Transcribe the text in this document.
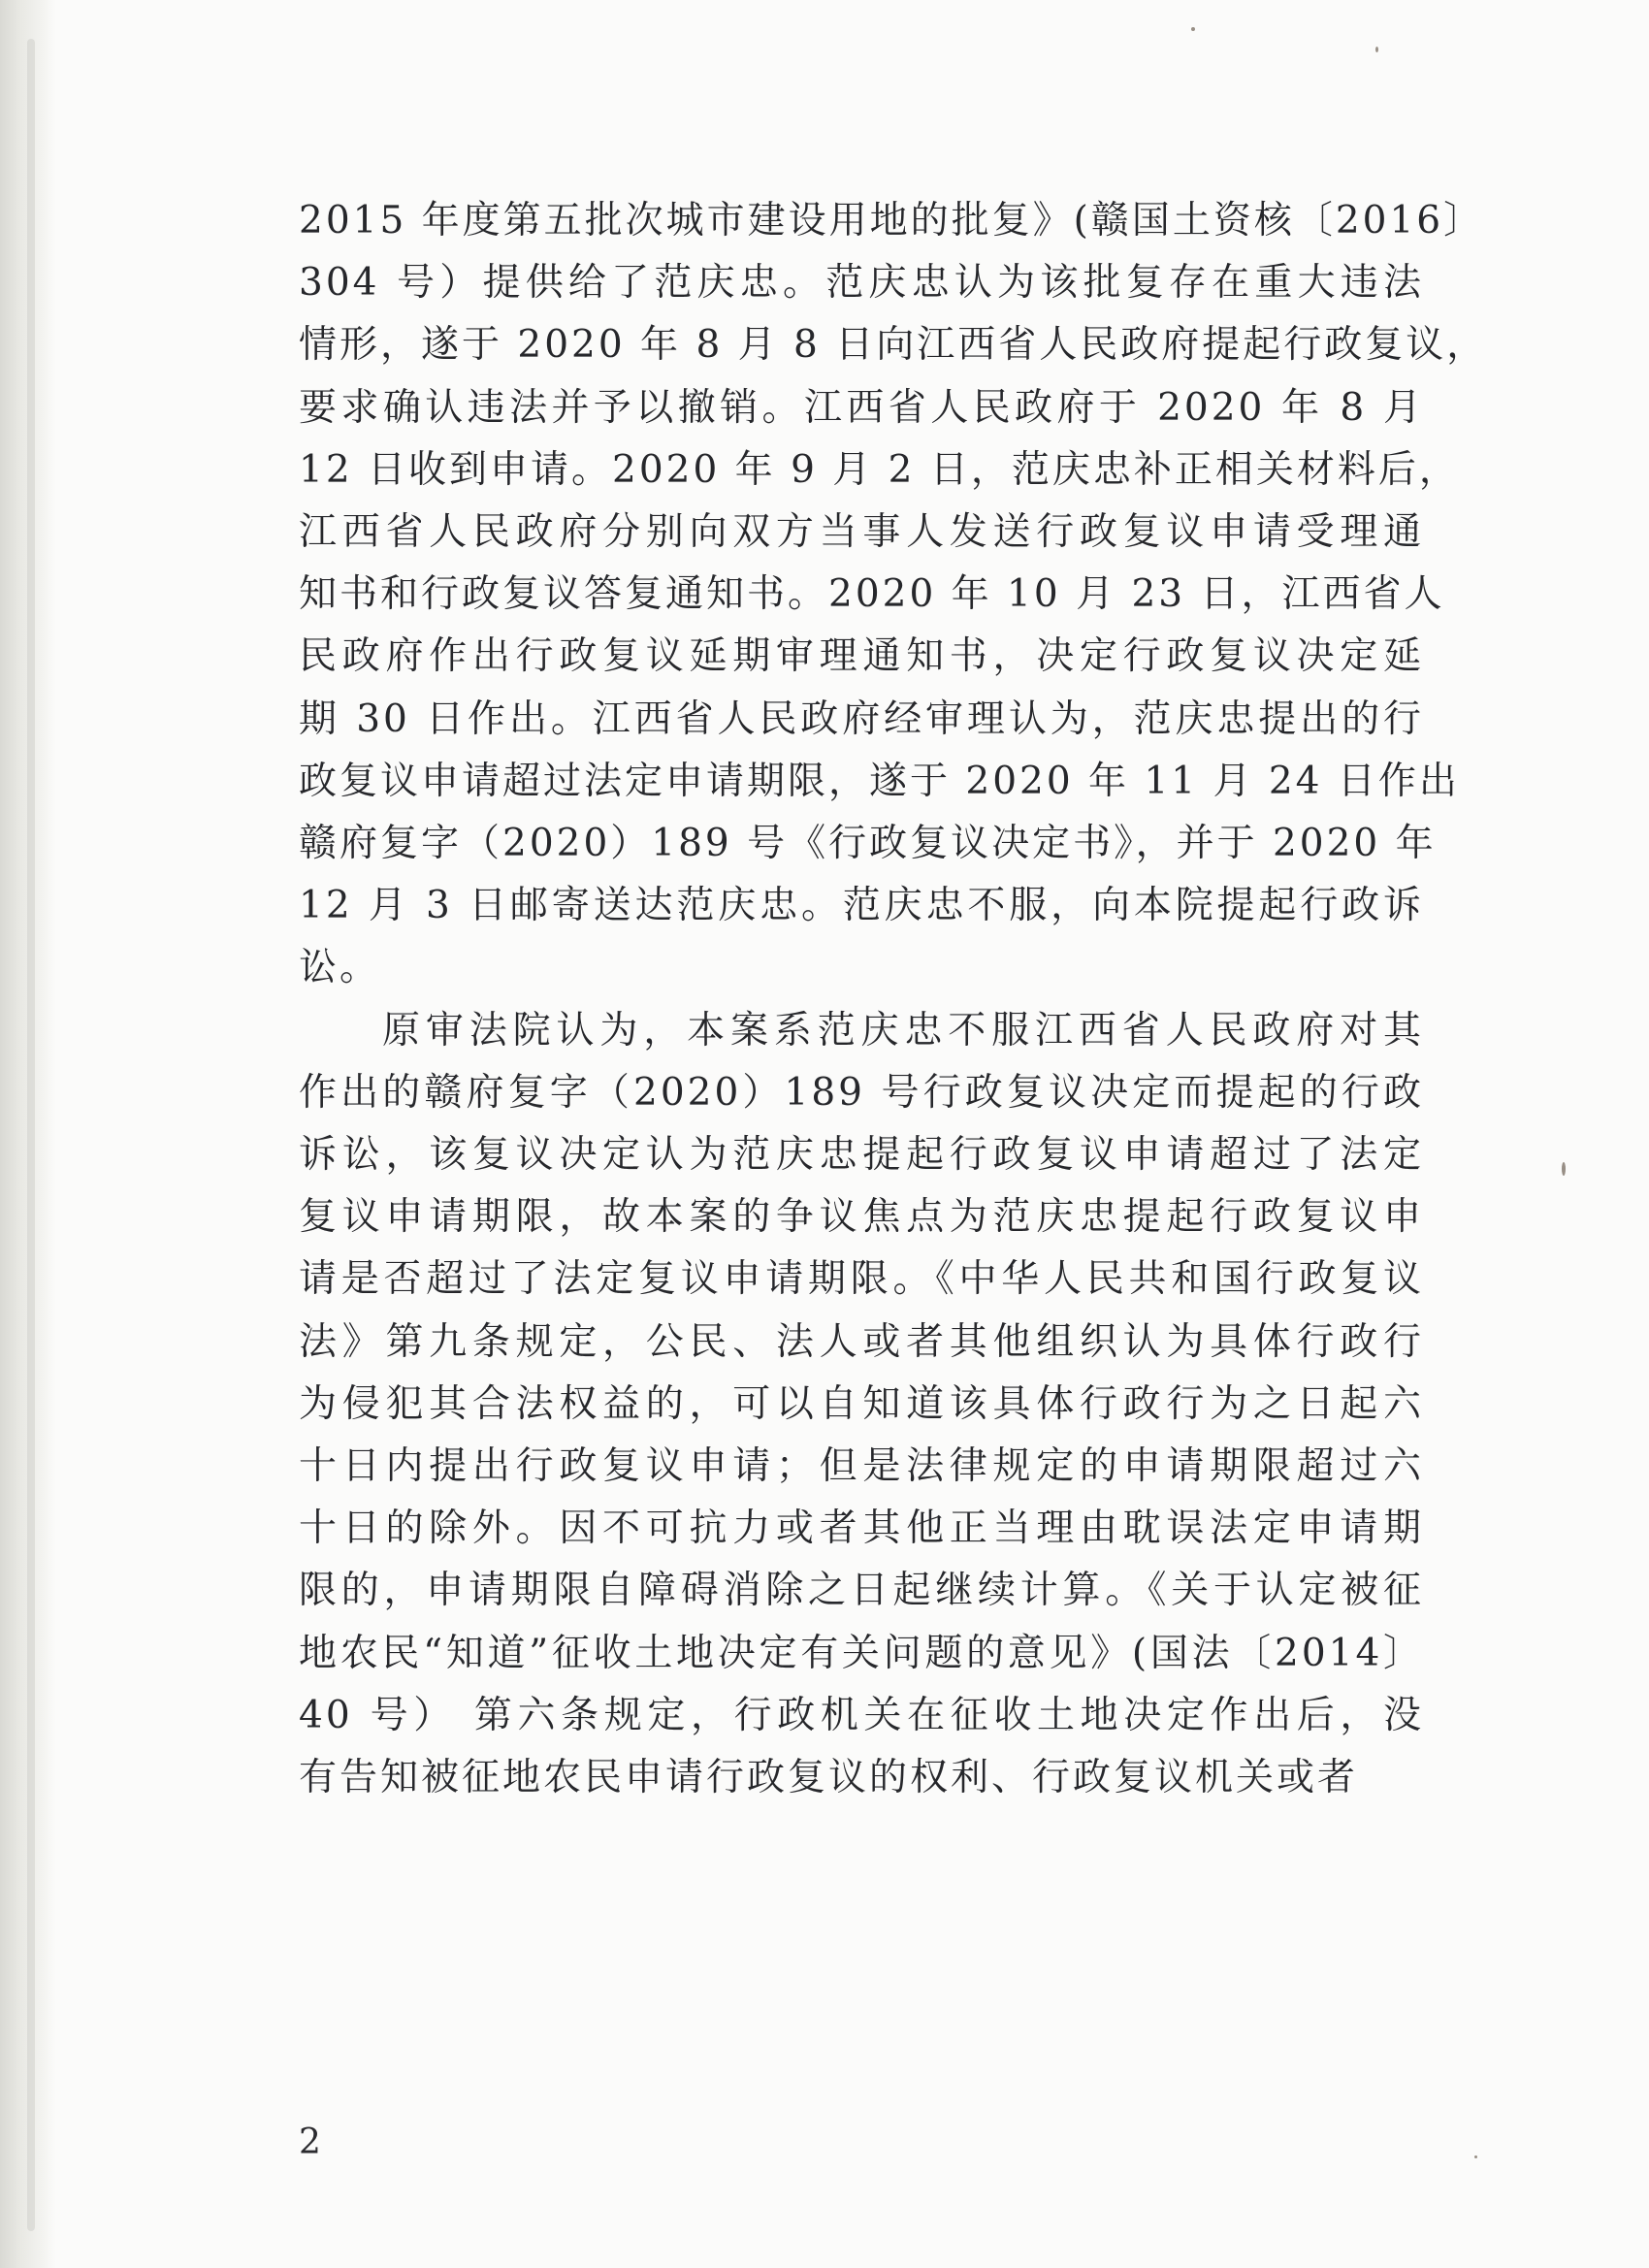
2015 年度第五批次城市建设用地的批复》(赣国土资核〔2016〕
304 号）提供给了范庆忠。范庆忠认为该批复存在重大违法
情形，遂于 2020 年 8 月 8 日向江西省人民政府提起行政复议，
要求确认违法并予以撤销。江西省人民政府于 2020 年 8 月
12 日收到申请。2020 年 9 月 2 日，范庆忠补正相关材料后，
江西省人民政府分别向双方当事人发送行政复议申请受理通
知书和行政复议答复通知书。2020 年 10 月 23 日，江西省人
民政府作出行政复议延期审理通知书，决定行政复议决定延
期 30 日作出。江西省人民政府经审理认为，范庆忠提出的行
政复议申请超过法定申请期限，遂于 2020 年 11 月 24 日作出
赣府复字（2020）189 号《行政复议决定书》，并于 2020 年
12 月 3 日邮寄送达范庆忠。范庆忠不服，向本院提起行政诉
讼。
原审法院认为，本案系范庆忠不服江西省人民政府对其
作出的赣府复字（2020）189 号行政复议决定而提起的行政
诉讼，该复议决定认为范庆忠提起行政复议申请超过了法定
复议申请期限，故本案的争议焦点为范庆忠提起行政复议申
请是否超过了法定复议申请期限。《中华人民共和国行政复议
法》第九条规定，公民、法人或者其他组织认为具体行政行
为侵犯其合法权益的，可以自知道该具体行政行为之日起六
十日内提出行政复议申请；但是法律规定的申请期限超过六
十日的除外。因不可抗力或者其他正当理由耽误法定申请期
限的，申请期限自障碍消除之日起继续计算。《关于认定被征
地农民“知道”征收土地决定有关问题的意见》(国法〔2014〕
40 号） 第六条规定，行政机关在征收土地决定作出后，没
有告知被征地农民申请行政复议的权利、行政复议机关或者
2
